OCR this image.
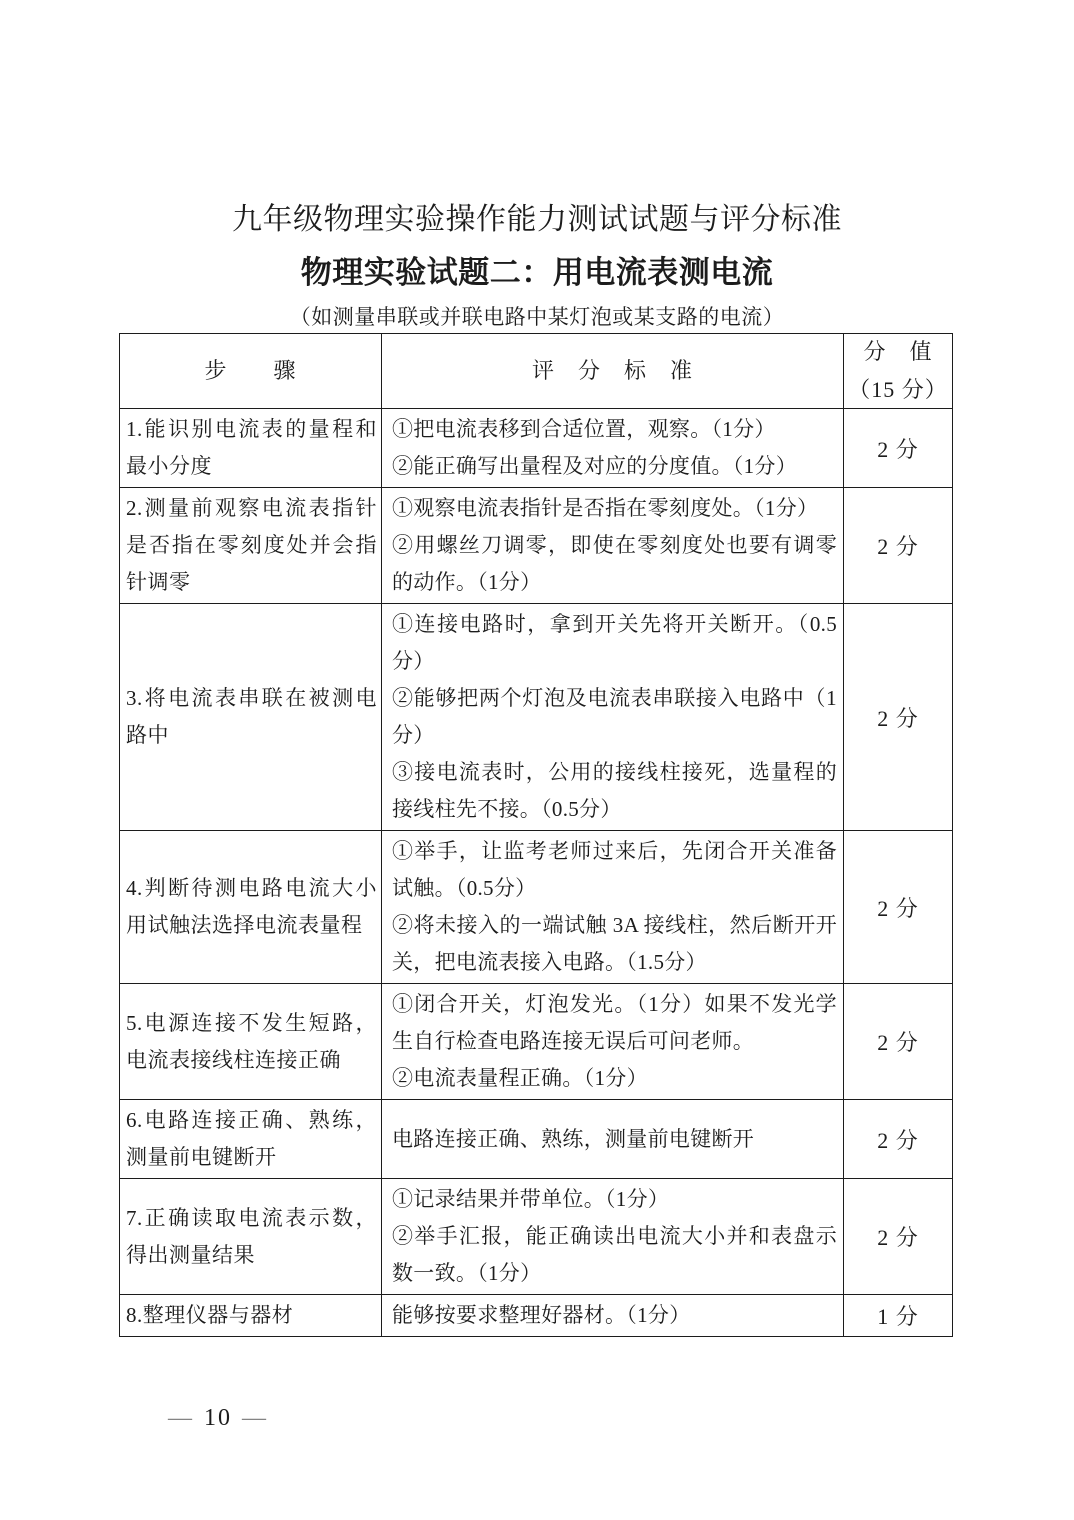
九年级物理实验操作能力测试试题与评分标准
物理实验试题二：用电流表测电流
（如测量串联或并联电路中某灯泡或某支路的电流）
步　　骤	评　分　标　准	分　值
（15 分）

1.能识别电流表的量程和最小分度	①把电流表移到合适位置，观察。（1分）
②能正确写出量程及对应的分度值。（1分）	2 分
2.测量前观察电流表指针是否指在零刻度处并会指针调零	①观察电流表指针是否指在零刻度处。（1分）
②用螺丝刀调零，即使在零刻度处也要有调零的动作。（1分）	2 分
3.将电流表串联在被测电路中	①连接电路时，拿到开关先将开关断开。（0.5分）
②能够把两个灯泡及电流表串联接入电路中（1分）
③接电流表时，公用的接线柱接死，选量程的接线柱先不接。（0.5分）	2 分
4.判断待测电路电流大小用试触法选择电流表量程	①举手，让监考老师过来后，先闭合开关准备试触。（0.5分）
②将未接入的一端试触 3A 接线柱，然后断开开关，把电流表接入电路。（1.5分）	2 分
5.电源连接不发生短路，电流表接线柱连接正确	①闭合开关，灯泡发光。（1分）如果不发光学生自行检查电路连接无误后可问老师。
②电流表量程正确。（1分）	2 分
6.电路连接正确、熟练，测量前电键断开	电路连接正确、熟练，测量前电键断开	2 分
7.正确读取电流表示数，得出测量结果	①记录结果并带单位。（1分）
②举手汇报，能正确读出电流大小并和表盘示数一致。（1分）	2 分
8.整理仪器与器材	能够按要求整理好器材。（1分）	1 分
— 10 —
